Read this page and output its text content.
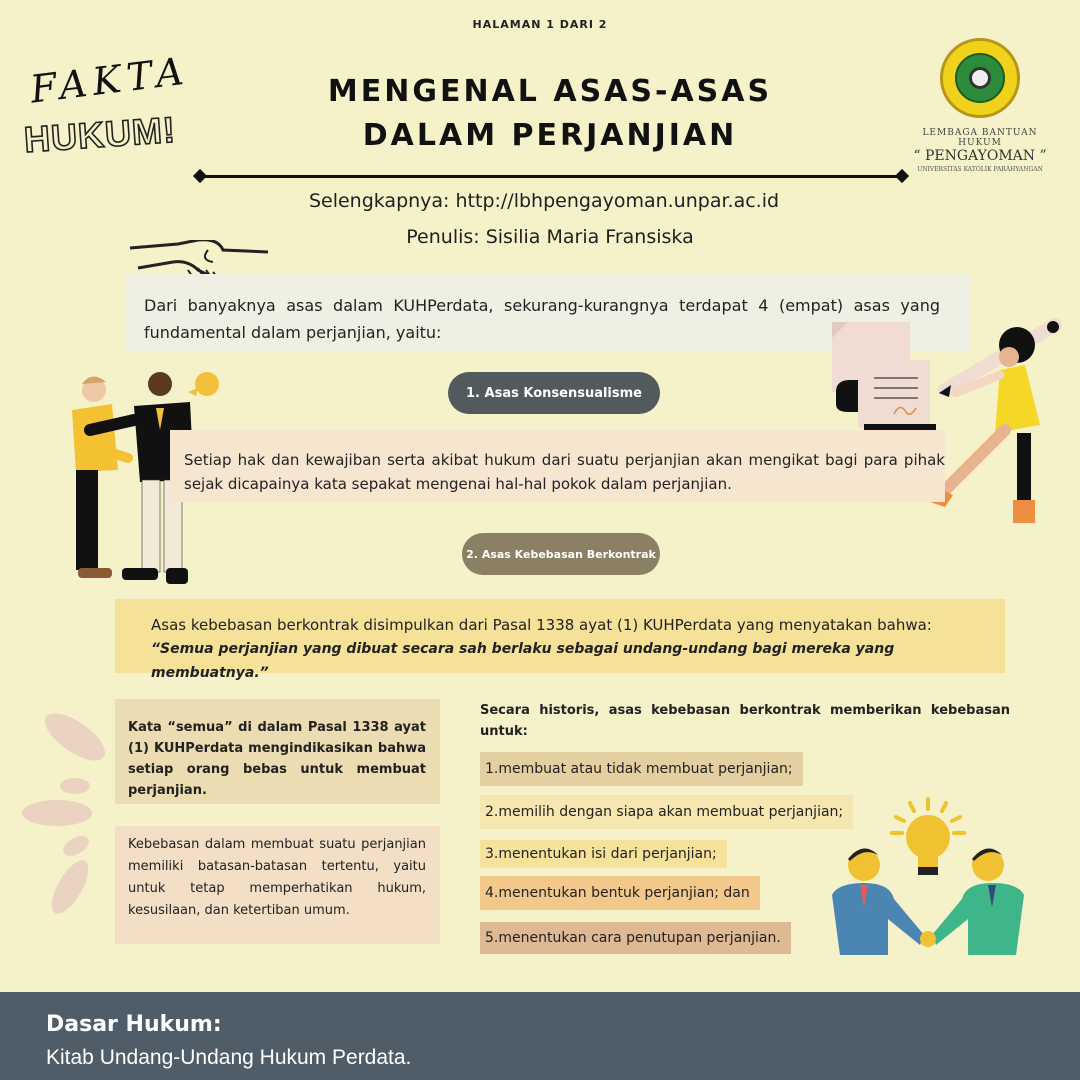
HALAMAN 1 DARI 2
FAKTA
HUKUM!
MENGENAL ASAS-ASAS
DALAM PERJANJIAN
Selengkapnya: http://lbhpengayoman.unpar.ac.id
Penulis: Sisilia Maria Fransiska
LEMBAGA BANTUAN HUKUM
“ PENGAYOMAN ”
UNIVERSITAS KATOLIK PARAHYANGAN
Dari banyaknya asas dalam KUHPerdata, sekurang-kurangnya terdapat 4 (empat) asas yang fundamental dalam perjanjian, yaitu:
1. Asas Konsensualisme
Setiap hak dan kewajiban serta akibat hukum dari suatu perjanjian akan mengikat bagi para pihak sejak dicapainya kata sepakat mengenai hal-hal pokok dalam perjanjian.
2. Asas Kebebasan Berkontrak
Asas kebebasan berkontrak disimpulkan dari Pasal 1338 ayat (1) KUHPerdata yang menyatakan bahwa:
“Semua perjanjian yang dibuat secara sah berlaku sebagai undang-undang bagi mereka yang membuatnya.”
Kata “semua” di dalam Pasal 1338 ayat (1) KUHPerdata mengindikasikan bahwa setiap orang bebas untuk membuat perjanjian.
Kebebasan dalam membuat suatu perjanjian memiliki batasan-batasan tertentu, yaitu untuk tetap memperhatikan hukum, kesusilaan, dan ketertiban umum.
Secara historis, asas kebebasan berkontrak memberikan kebebasan untuk:
1.membuat atau tidak membuat perjanjian;
2.memilih dengan siapa akan membuat perjanjian;
3.menentukan isi dari perjanjian;
4.menentukan bentuk perjanjian; dan
5.menentukan cara penutupan perjanjian.
Dasar Hukum:
Kitab Undang-Undang Hukum Perdata.
